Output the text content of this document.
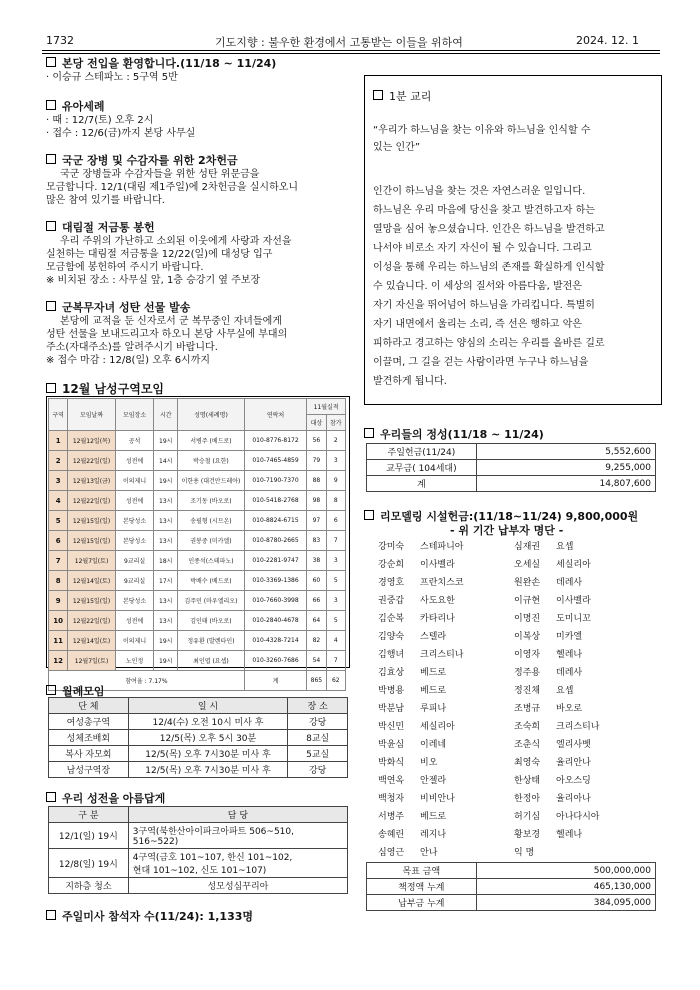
1732	기도지향 : 불우한 환경에서 고통받는 이들을 위하여	2024. 12. 1
본당 전입을 환영합니다.(11/18 ~ 11/24)
· 이승규 스테파노 : 5구역 5반
유아세례
· 때 : 12/7(토) 오후 2시
· 접수 : 12/6(금)까지 본당 사무실
국군 장병 및 수감자를 위한 2차헌금
국군 장병들과 수감자들을 위한 성탄 위문금을
모금합니다. 12/1(대림 제1주일)에 2차헌금을 실시하오니
많은 참여 있기를 바랍니다.
대림절 저금통 봉헌
우리 주위의 가난하고 소외된 이웃에게 사랑과 자선을
실천하는 대림절 저금통을 12/22(일)에 대성당 입구
모금함에 봉헌하여 주시기 바랍니다.
※ 비치된 장소 : 사무실 앞, 1층 승강기 옆 주보장
군복무자녀 성탄 선물 발송
본당에 교적을 둔 신자로서 군 복무중인 자녀들에게
성탄 선물을 보내드리고자 하오니 본당 사무실에 부대의
주소(자대주소)를 알려주시기 바랍니다.
※ 접수 마감 : 12/8(일) 오후 6시까지
12월 남성구역모임
구역	모임날짜	모임장소	시간	성명(세례명)	연락처	11월실적	
						대상	참가
1	12월12일(목)	공석	19시	서병주 (베드로)	010-8776-8172	56	2
2	12월22일(일)	성전에	14시	박승철 (요한)	010-7465-4859	79	3
3	12월13일(금)	이의제니	19시	이한용 (대건안드레아)	010-7190-7370	88	9
4	12월22일(일)	성전에	13시	조기동 (바오로)	010-5418-2768	98	8
5	12월15일(일)	본당성소	13시	송필형 (시므온)	010-8824-6715	97	6
6	12월15일(일)	본당성소	13시	권봉중 (미카엘)	010-8780-2665	83	7
7	12월7일(토)	9교리실	18시	인종석(스테파노)	010-2281-9747	38	3
8	12월14일(토)	9교리실	17시	박배수 (베드로)	010-3369-1386	60	5
9	12월15일(일)	본당성소	13시	김주민 (마우엘리오)	010-7660-3998	66	3
10	12월22일(일)	성전에	13시	김인태 (바오로)	010-2840-4678	64	5
11	12월14일(토)	이의제니	19시	정유환 (발렌타인)	010-4328-7214	82	4
12	12월7일(토)	노인정	19시	최인엽 (요셉)	010-3260-7686	54	7
참여율 : 7.17%					계	865	62
월례모임
단 체	일 시	장 소
여성총구역	12/4(수) 오전 10시 미사 후	강당
성체조배회	12/5(목) 오후 5시 30분	8교실
복사 자모회	12/5(목) 오후 7시30분 미사 후	5교실
남성구역장	12/5(목) 오후 7시30분 미사 후	강당
우리 성전을 아름답게
구 분	담 당
12/1(일) 19시	3구역(북한산아이파크아파트 506~510,
516~522)

12/8(일) 19시	4구역(금호 101~107, 한신 101~102,
현대 101~102, 신도 101~107)

지하층 청소	성모성심꾸리아
주일미사 참석자 수(11/24): 1,133명
1분 교리
“우리가 하느님을 찾는 이유와 하느님을 인식할 수
있는 인간”
인간이 하느님을 찾는 것은 자연스러운 일입니다.
하느님은 우리 마음에 당신을 찾고 발견하고자 하는
열망을 심어 놓으셨습니다. 인간은 하느님을 발견하고
나서야 비로소 자기 자신이 될 수 있습니다. 그리고
이성을 통해 우리는 하느님의 존재를 확실하게 인식할
수 있습니다. 이 세상의 질서와 아름다움, 발전은
자기 자신을 뛰어넘어 하느님을 가리킵니다. 특별히
자기 내면에서 울리는 소리, 즉 선은 행하고 악은
피하라고 경고하는 양심의 소리는 우리를 올바른 길로
이끌며, 그 길을 걷는 사람이라면 누구나 하느님을
발견하게 됩니다.
우리들의 정성(11/18 ~ 11/24)
주일헌금(11/24)	5,552,600
교무금( 104세대)	9,255,000
계	14,807,600
리모델링 시설헌금:(11/18~11/24) 9,800,000원
- 위 기간 납부자 명단 -
강미숙 스테파니아	심재권 요셉
강순희 이사벨라	오세실 세실리아
경영호 프란치스코	원완손 데레사
권중갑 사도요한	이규현 이사벨라
김순복 카타리나	이명진 도미니꼬
김양숙 스텔라	이복상 미카엘
김행녀 크리스티나	이영자 헬레나
김효상 베드로	정주용 데레사
박병용 베드로	정진채 요셉
박분남 루피나	조병규 바오로
박신민 세실리아	조숙희 크리스티나
박윤심 이레네	조춘식 엘리사벳
박화식 비오	최영숙 율리안나
백연옥 안젤라	한상태 아오스딩
백청자 비비안나	한정아 율리아나
서병주 베드로	허기심 아나다시아
송혜린 레지나	황보경 헬레나
심영근 안나	익 명
목표 금액	500,000,000
책정액 누계	465,130,000
납부금 누계	384,095,000
